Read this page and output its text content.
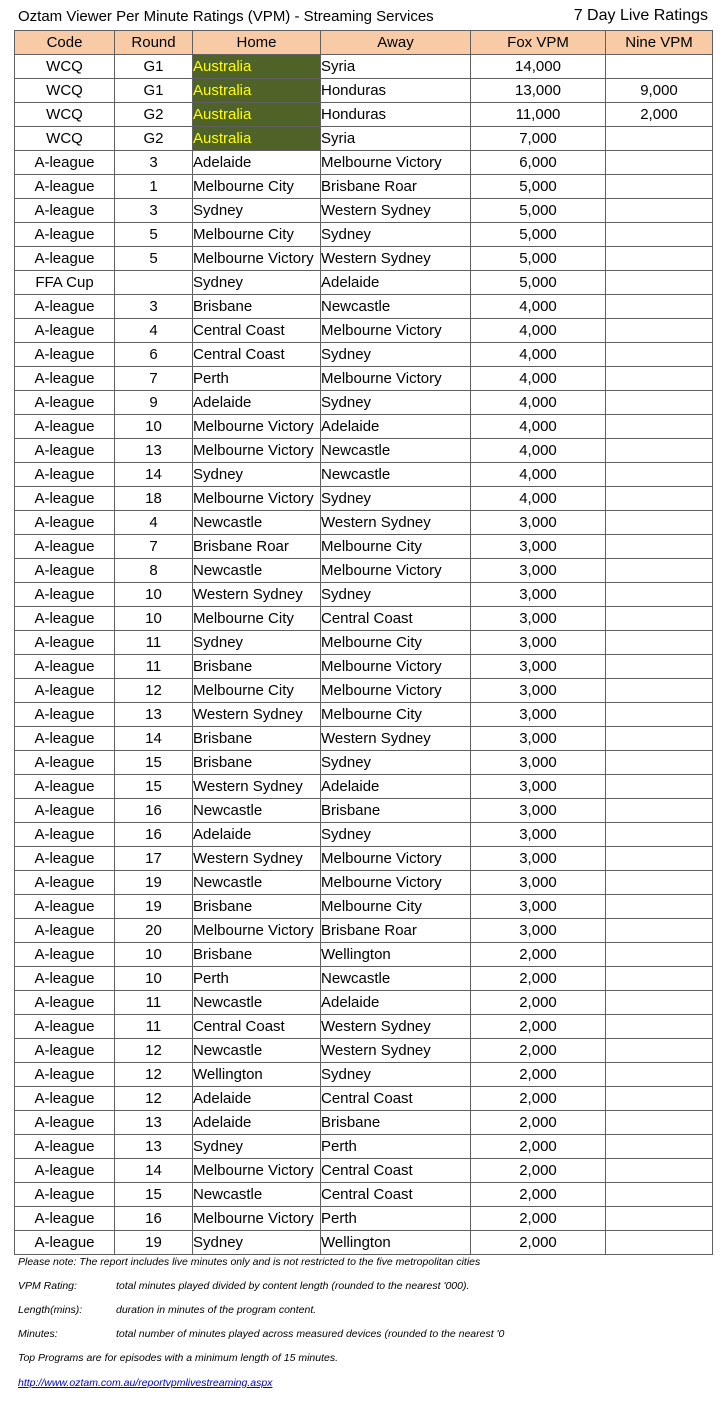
Oztam Viewer Per Minute Ratings (VPM) - Streaming Services	7 Day Live Ratings
Code	Round	Home	Away	Fox VPM	Nine VPM
WCQ	G1	Australia	Syria	14,000	
WCQ	G1	Australia	Honduras	13,000	9,000
WCQ	G2	Australia	Honduras	11,000	2,000
WCQ	G2	Australia	Syria	7,000	
A-league	3	Adelaide	Melbourne Victory	6,000	
A-league	1	Melbourne City	Brisbane Roar	5,000	
A-league	3	Sydney	Western Sydney	5,000	
A-league	5	Melbourne City	Sydney	5,000	
A-league	5	Melbourne Victory	Western Sydney	5,000	
FFA Cup		Sydney	Adelaide	5,000	
A-league	3	Brisbane	Newcastle	4,000	
A-league	4	Central Coast	Melbourne Victory	4,000	
A-league	6	Central Coast	Sydney	4,000	
A-league	7	Perth	Melbourne Victory	4,000	
A-league	9	Adelaide	Sydney	4,000	
A-league	10	Melbourne Victory	Adelaide	4,000	
A-league	13	Melbourne Victory	Newcastle	4,000	
A-league	14	Sydney	Newcastle	4,000	
A-league	18	Melbourne Victory	Sydney	4,000	
A-league	4	Newcastle	Western Sydney	3,000	
A-league	7	Brisbane Roar	Melbourne City	3,000	
A-league	8	Newcastle	Melbourne Victory	3,000	
A-league	10	Western Sydney	Sydney	3,000	
A-league	10	Melbourne City	Central Coast	3,000	
A-league	11	Sydney	Melbourne City	3,000	
A-league	11	Brisbane	Melbourne Victory	3,000	
A-league	12	Melbourne City	Melbourne Victory	3,000	
A-league	13	Western Sydney	Melbourne City	3,000	
A-league	14	Brisbane	Western Sydney	3,000	
A-league	15	Brisbane	Sydney	3,000	
A-league	15	Western Sydney	Adelaide	3,000	
A-league	16	Newcastle	Brisbane	3,000	
A-league	16	Adelaide	Sydney	3,000	
A-league	17	Western Sydney	Melbourne Victory	3,000	
A-league	19	Newcastle	Melbourne Victory	3,000	
A-league	19	Brisbane	Melbourne City	3,000	
A-league	20	Melbourne Victory	Brisbane Roar	3,000	
A-league	10	Brisbane	Wellington	2,000	
A-league	10	Perth	Newcastle	2,000	
A-league	11	Newcastle	Adelaide	2,000	
A-league	11	Central Coast	Western Sydney	2,000	
A-league	12	Newcastle	Western Sydney	2,000	
A-league	12	Wellington	Sydney	2,000	
A-league	12	Adelaide	Central Coast	2,000	
A-league	13	Adelaide	Brisbane	2,000	
A-league	13	Sydney	Perth	2,000	
A-league	14	Melbourne Victory	Central Coast	2,000	
A-league	15	Newcastle	Central Coast	2,000	
A-league	16	Melbourne Victory	Perth	2,000	
A-league	19	Sydney	Wellington	2,000	
Please note: The report includes live minutes only and is not restricted to the five metropolitan cities
VPM Rating:	total minutes played divided by content length (rounded to the nearest '000).
Length(mins):	duration in minutes of the program content.
Minutes:	total number of minutes played across measured devices (rounded to the nearest '0
Top Programs are for episodes with a minimum length of 15 minutes.
http://www.oztam.com.au/reportvpmlivestreaming.aspx
